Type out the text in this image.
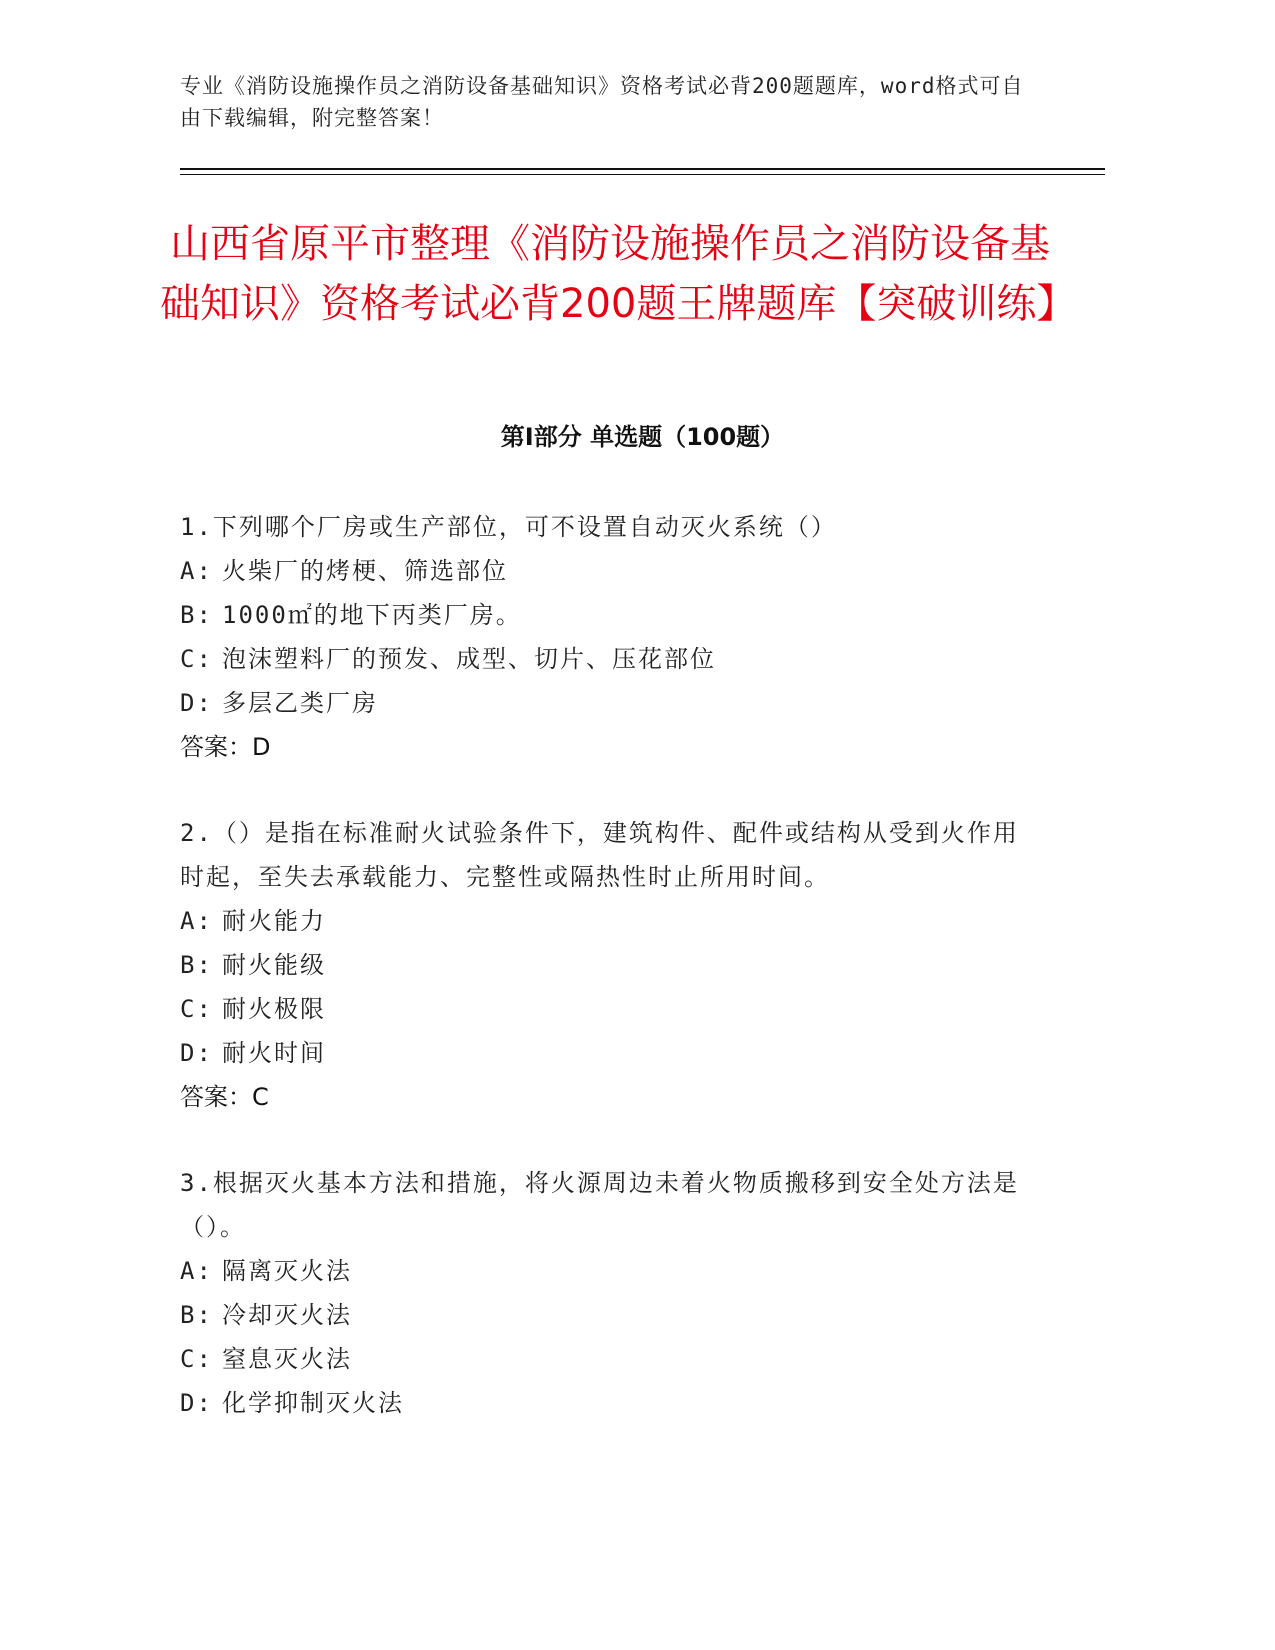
专业《消防设施操作员之消防设备基础知识》资格考试必背200题题库，word格式可自由下载编辑，附完整答案！
山西省原平市整理《消防设施操作员之消防设备基础知识》资格考试必背200题王牌题库【突破训练】
第Ⅰ部分 单选题（100题）
1.下列哪个厂房或生产部位，可不设置自动灭火系统（）
A: 火柴厂的烤梗、筛选部位
B: 1000㎡的地下丙类厂房。
C: 泡沫塑料厂的预发、成型、切片、压花部位
D: 多层乙类厂房
答案：D
2.（）是指在标准耐火试验条件下，建筑构件、配件或结构从受到火作用时起，至失去承载能力、完整性或隔热性时止所用时间。
A: 耐火能力
B: 耐火能级
C: 耐火极限
D: 耐火时间
答案：C
3.根据灭火基本方法和措施，将火源周边未着火物质搬移到安全处方法是（）。
A: 隔离灭火法
B: 冷却灭火法
C: 窒息灭火法
D: 化学抑制灭火法
